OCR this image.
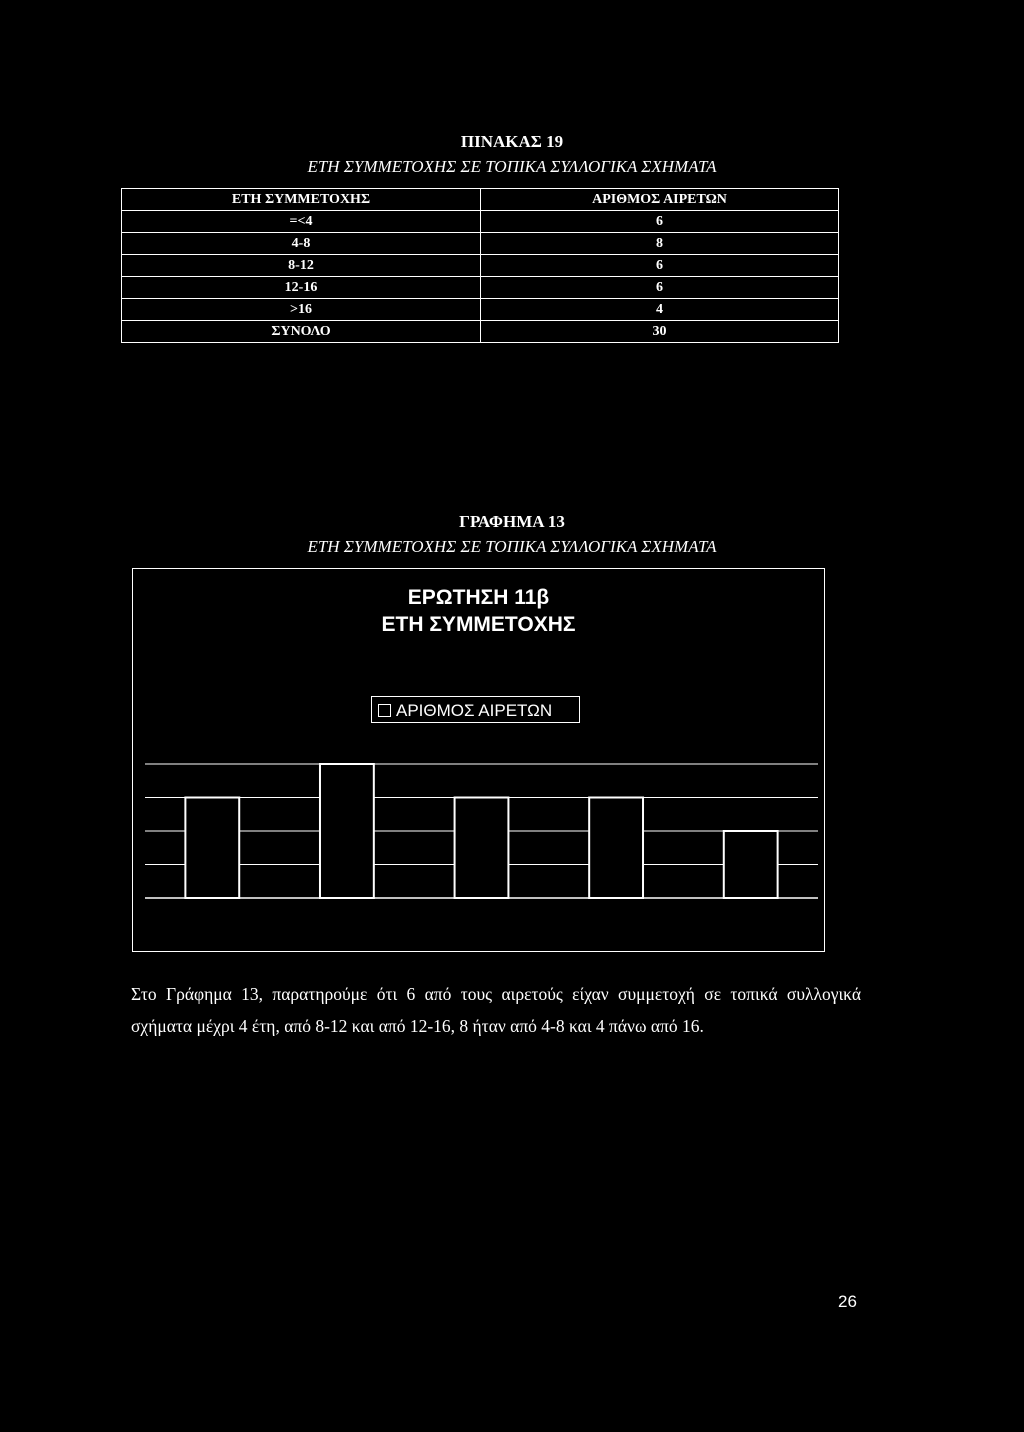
ΠΙΝΑΚΑΣ 19
ΕΤΗ ΣΥΜΜΕΤΟΧΗΣ ΣΕ ΤΟΠΙΚΑ ΣΥΛΛΟΓΙΚΑ ΣΧΗΜΑΤΑ
ΕΤΗ ΣΥΜΜΕΤΟΧΗΣ	ΑΡΙΘΜΟΣ ΑΙΡΕΤΩΝ
=<4	6
4-8	8
8-12	6
12-16	6
>16	4
ΣΥΝΟΛΟ	30
ΓΡΑΦΗΜΑ 13
ΕΤΗ ΣΥΜΜΕΤΟΧΗΣ ΣΕ ΤΟΠΙΚΑ ΣΥΛΛΟΓΙΚΑ ΣΧΗΜΑΤΑ
ΕΡΩΤΗΣΗ 11β
ΕΤΗ ΣΥΜΜΕΤΟΧΗΣ
ΑΡΙΘΜΟΣ ΑΙΡΕΤΩΝ
Στο Γράφημα 13, παρατηρούμε ότι 6 από τους αιρετούς είχαν συμμετοχή σε τοπικά συλλογικά σχήματα μέχρι 4 έτη, από 8-12 και από 12-16, 8 ήταν από 4-8 και 4 πάνω από 16.
26
